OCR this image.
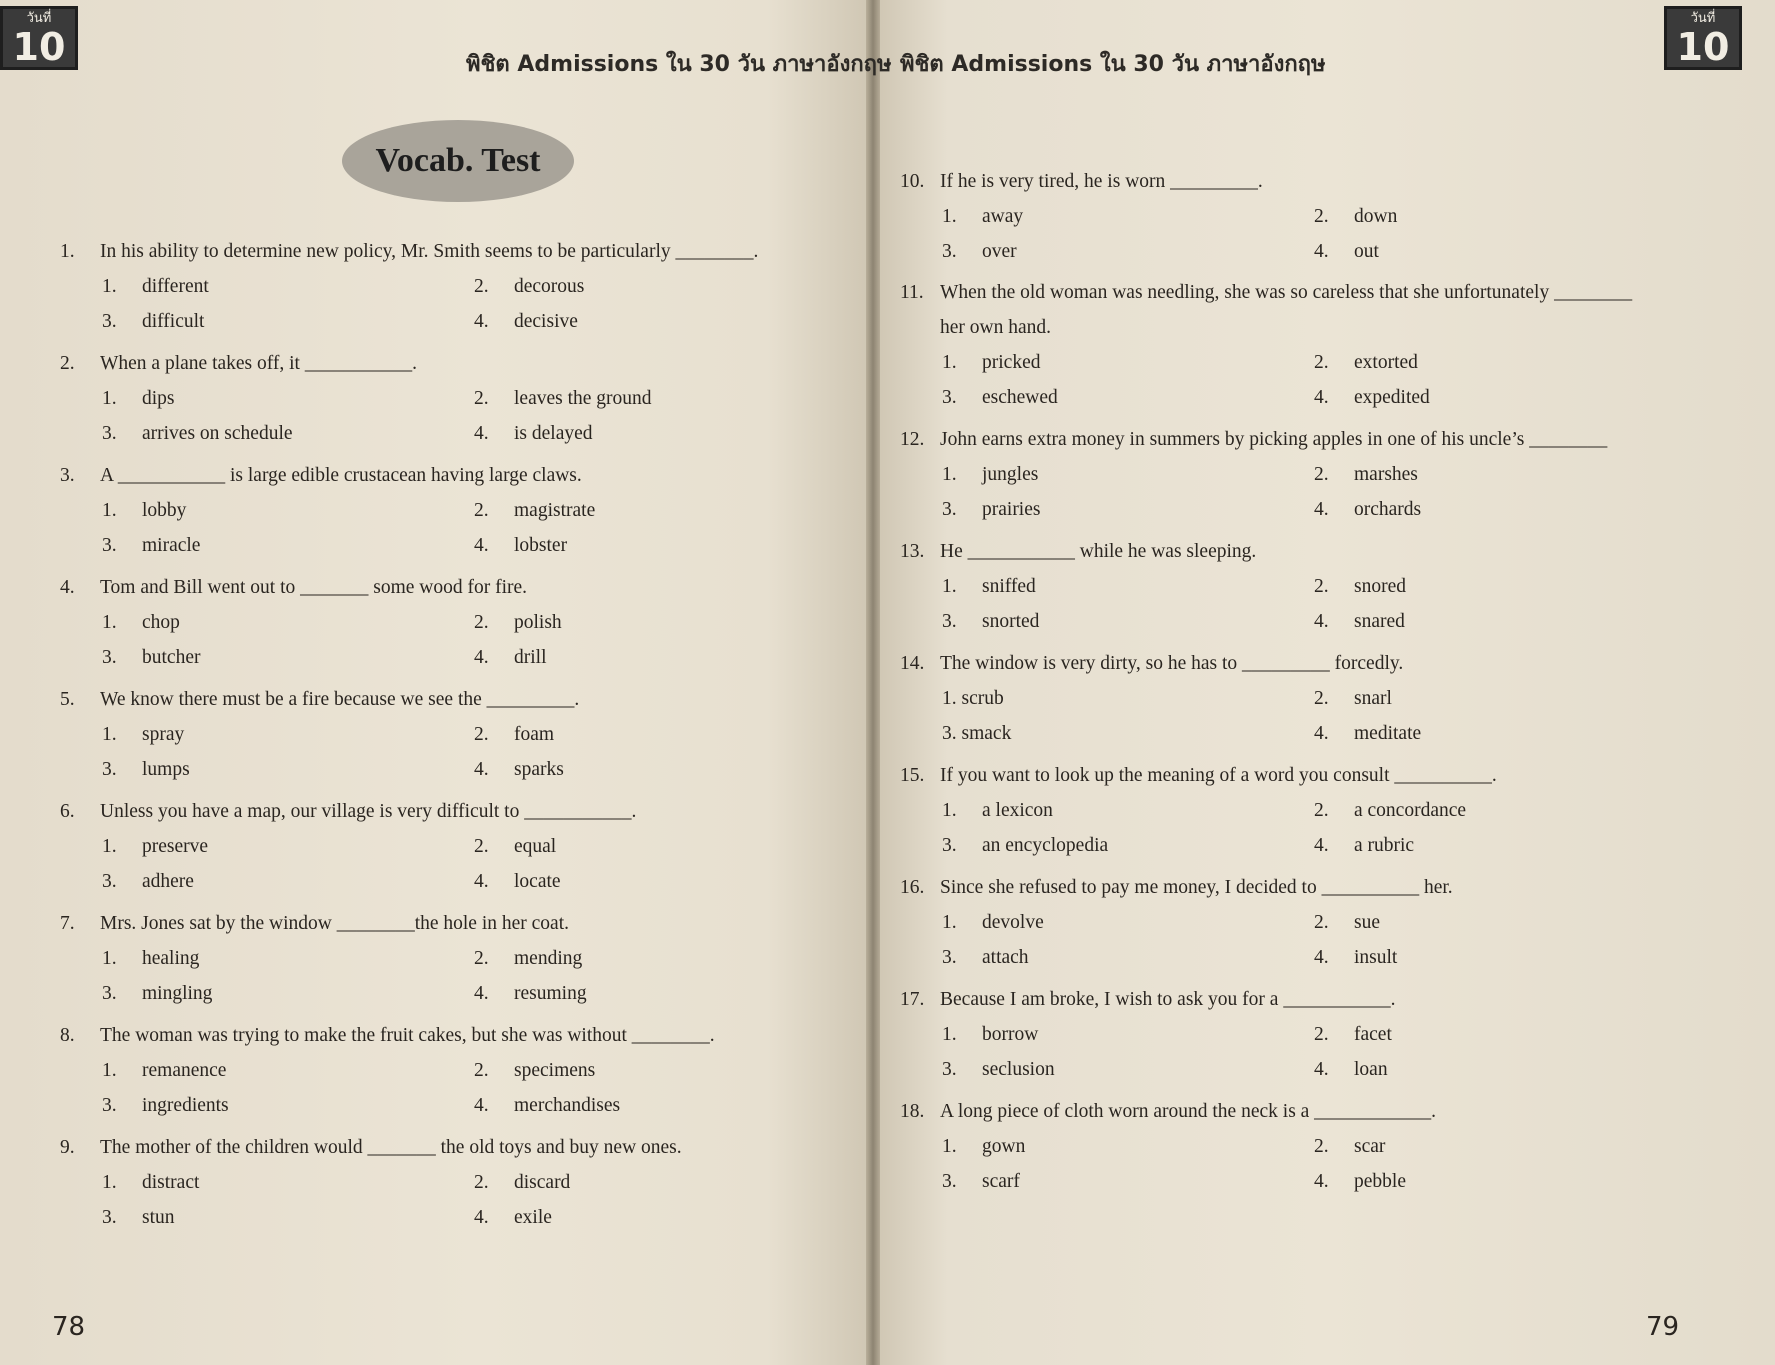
วันที่
10
วันที่
10
พิชิต Admissions ใน 30 วัน ภาษาอังกฤษ พิชิต Admissions ใน 30 วัน ภาษาอังกฤษ
Vocab. Test
1.	In his ability to determine new policy, Mr. Smith seems to be particularly ________.
1. different	2. decorous
3. difficult	4. decisive
2.	When a plane takes off, it ___________.
1. dips	2. leaves the ground
3. arrives on schedule	4. is delayed
3.	A ___________ is large edible crustacean having large claws.
1. lobby	2. magistrate
3. miracle	4. lobster
4.	Tom and Bill went out to _______ some wood for fire.
1. chop	2. polish
3. butcher	4. drill
5.	We know there must be a fire because we see the _________.
1. spray	2. foam
3. lumps	4. sparks
6.	Unless you have a map, our village is very difficult to ___________.
1. preserve	2. equal
3. adhere	4. locate
7.	Mrs. Jones sat by the window ________the hole in her coat.
1. healing	2. mending
3. mingling	4. resuming
8.	The woman was trying to make the fruit cakes, but she was without ________.
1. remanence	2. specimens
3. ingredients	4. merchandises
9.	The mother of the children would _______ the old toys and buy new ones.
1. distract	2. discard
3. stun	4. exile
10. If he is very tired, he is worn _________.
1. away	2. down
3. over	4. out
11. When the old woman was needling, she was so careless that she unfortunately ________
her own hand.
1. pricked	2. extorted
3. eschewed	4. expedited
12. John earns extra money in summers by picking apples in one of his uncle’s ________
1. jungles	2. marshes
3. prairies	4. orchards
13. He ___________ while he was sleeping.
1. sniffed	2. snored
3. snorted	4. snared
14. The window is very dirty, so he has to _________ forcedly.
1. scrub	2. snarl
3. smack	4. meditate
15. If you want to look up the meaning of a word you consult __________.
1. a lexicon	2. a concordance
3. an encyclopedia	4. a rubric
16. Since she refused to pay me money, I decided to __________ her.
1. devolve	2. sue
3. attach	4. insult
17. Because I am broke, I wish to ask you for a ___________.
1. borrow	2. facet
3. seclusion	4. loan
18. A long piece of cloth worn around the neck is a ____________.
1. gown	2. scar
3. scarf	4. pebble
78	79
